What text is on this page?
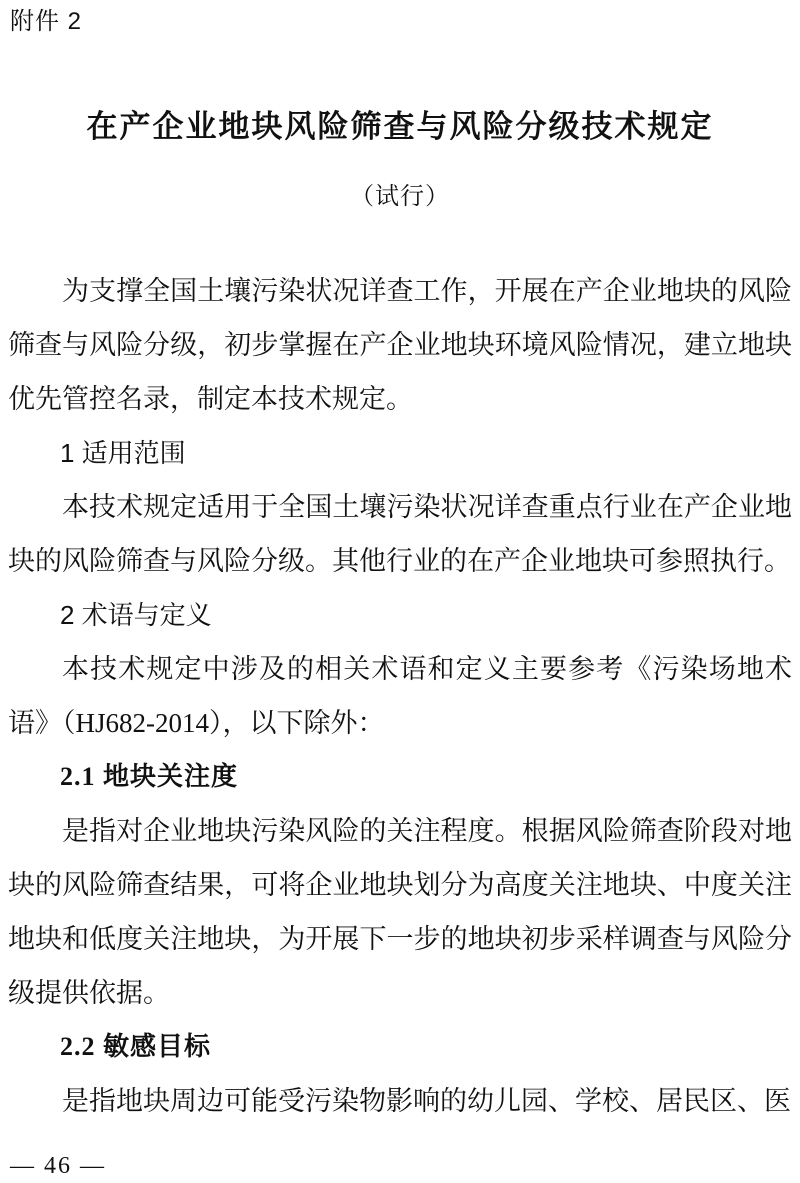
附件 2
在产企业地块风险筛查与风险分级技术规定
（试行）

为支撑全国土壤污染状况详查工作，开展在产企业地块的风险筛查与风险分级，初步掌握在产企业地块环境风险情况，建立地块优先管控名录，制定本技术规定。

1 适用范围

本技术规定适用于全国土壤污染状况详查重点行业在产企业地块的风险筛查与风险分级。其他行业的在产企业地块可参照执行。

2 术语与定义

本技术规定中涉及的相关术语和定义主要参考《污染场地术语》（HJ682-2014），以下除外：

2.1 地块关注度

是指对企业地块污染风险的关注程度。根据风险筛查阶段对地块的风险筛查结果，可将企业地块划分为高度关注地块、中度关注地块和低度关注地块，为开展下一步的地块初步采样调查与风险分级提供依据。

2.2 敏感目标

是指地块周边可能受污染物影响的幼儿园、学校、居民区、医

— 46 —
